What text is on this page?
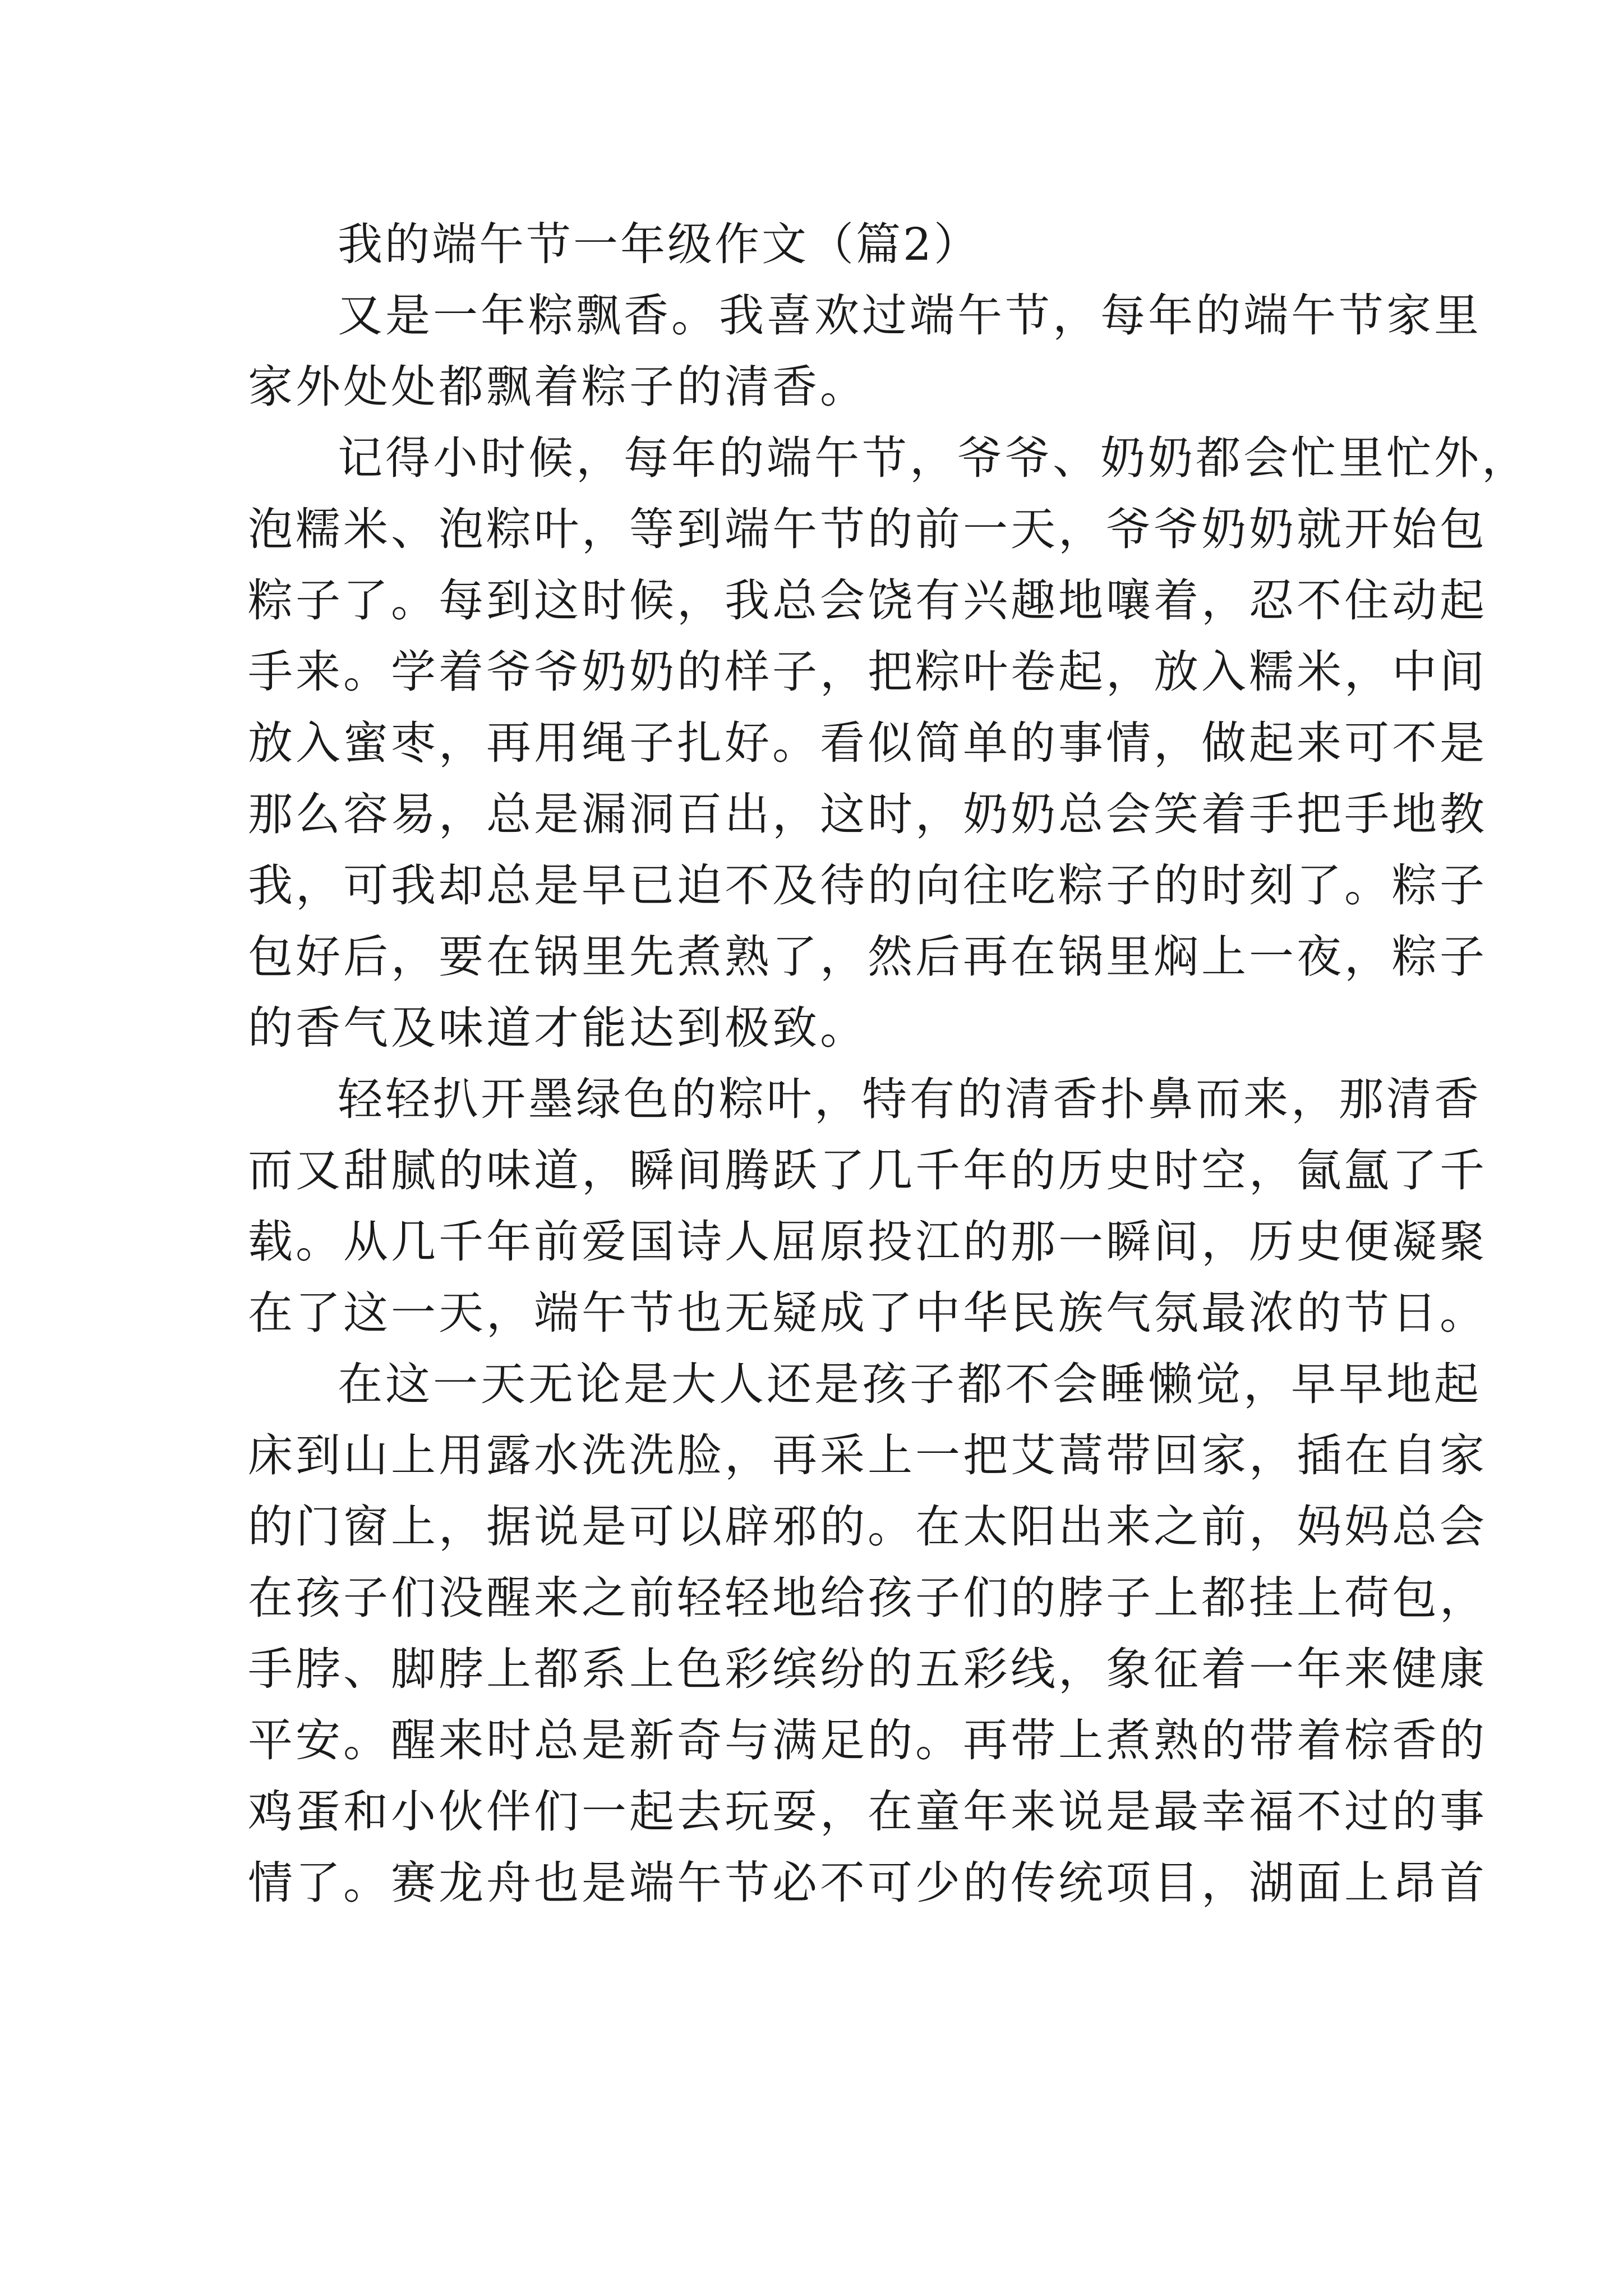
我的端午节一年级作文（篇2）
又是一年粽飘香。我喜欢过端午节，每年的端午节家里
家外处处都飘着粽子的清香。
记得小时候，每年的端午节，爷爷、奶奶都会忙里忙外，
泡糯米、泡粽叶，等到端午节的前一天，爷爷奶奶就开始包
粽子了。每到这时候，我总会饶有兴趣地嚷着，忍不住动起
手来。学着爷爷奶奶的样子，把粽叶卷起，放入糯米，中间
放入蜜枣，再用绳子扎好。看似简单的事情，做起来可不是
那么容易，总是漏洞百出，这时，奶奶总会笑着手把手地教
我，可我却总是早已迫不及待的向往吃粽子的时刻了。粽子
包好后，要在锅里先煮熟了，然后再在锅里焖上一夜，粽子
的香气及味道才能达到极致。
轻轻扒开墨绿色的粽叶，特有的清香扑鼻而来，那清香
而又甜腻的味道，瞬间腾跃了几千年的历史时空，氤氲了千
载。从几千年前爱国诗人屈原投江的那一瞬间，历史便凝聚
在了这一天，端午节也无疑成了中华民族气氛最浓的节日。
在这一天无论是大人还是孩子都不会睡懒觉，早早地起
床到山上用露水洗洗脸，再采上一把艾蒿带回家，插在自家
的门窗上，据说是可以辟邪的。在太阳出来之前，妈妈总会
在孩子们没醒来之前轻轻地给孩子们的脖子上都挂上荷包，
手脖、脚脖上都系上色彩缤纷的五彩线，象征着一年来健康
平安。醒来时总是新奇与满足的。再带上煮熟的带着棕香的
鸡蛋和小伙伴们一起去玩耍，在童年来说是最幸福不过的事
情了。赛龙舟也是端午节必不可少的传统项目，湖面上昂首
